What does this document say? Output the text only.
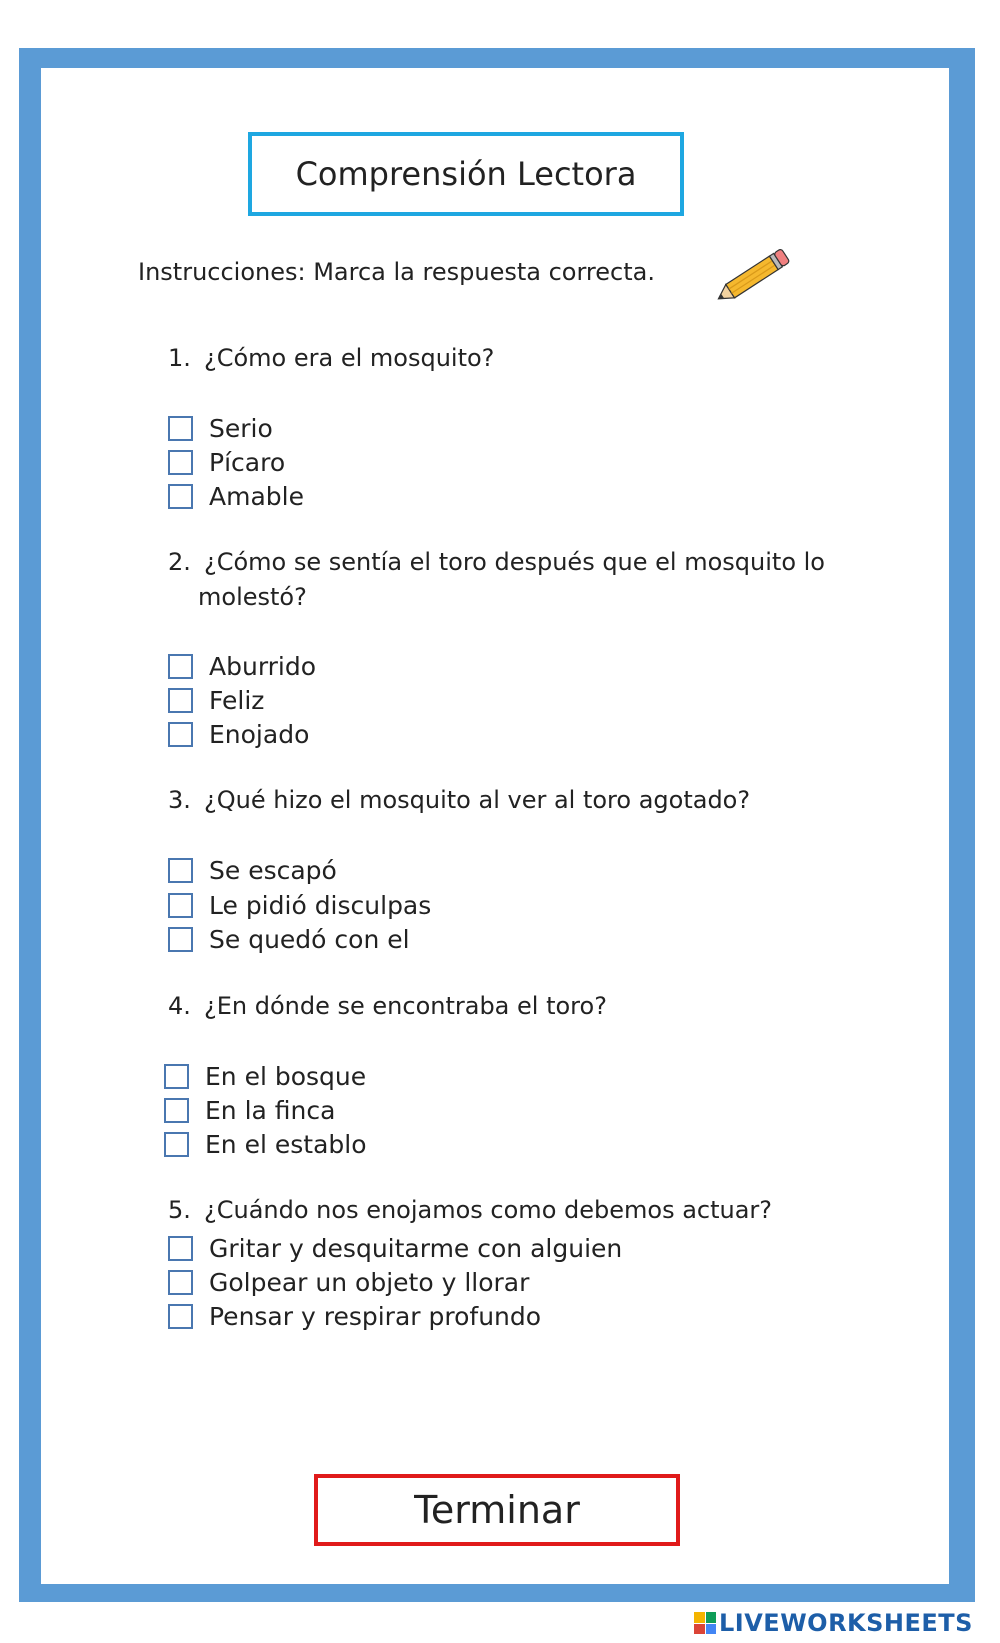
Comprensión Lectora
Instrucciones: Marca la respuesta correcta.
1. ¿Cómo era el mosquito?
Serio
Pícaro
Amable
2. ¿Cómo se sentía el toro después que el mosquito lo
molestó?
Aburrido
Feliz
Enojado
3. ¿Qué hizo el mosquito al ver al toro agotado?
Se escapó
Le pidió disculpas
Se quedó con el
4. ¿En dónde se encontraba el toro?
En el bosque
En la finca
En el establo
5. ¿Cuándo nos enojamos como debemos actuar?
Gritar y desquitarme con alguien
Golpear un objeto y llorar
Pensar y respirar profundo
Terminar
LIVEWORKSHEETS
